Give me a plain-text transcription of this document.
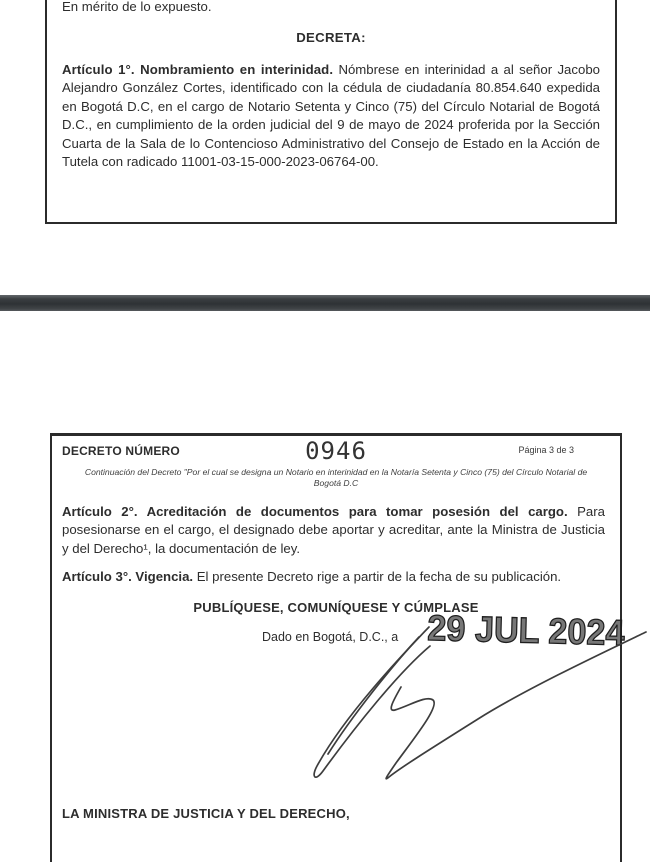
En mérito de lo expuesto.
DECRETA:
Artículo 1°. Nombramiento en interinidad. Nómbrese en interinidad a al señor Jacobo Alejandro González Cortes, identificado con la cédula de ciudadanía 80.854.640 expedida en Bogotá D.C, en el cargo de Notario Setenta y Cinco (75) del Círculo Notarial de Bogotá D.C., en cumplimiento de la orden judicial del 9 de mayo de 2024 proferida por la Sección Cuarta de la Sala de lo Contencioso Administrativo del Consejo de Estado en la Acción de Tutela con radicado 11001-03-15-000-2023-06764-00.
DECRETO NÚMERO	0946	Página 3 de 3
Continuación del Decreto "Por el cual se designa un Notario en interinidad en la Notaría Setenta y Cinco (75) del Círculo Notarial de Bogotá D.C
Artículo 2°. Acreditación de documentos para tomar posesión del cargo. Para posesionarse en el cargo, el designado debe aportar y acreditar, ante la Ministra de Justicia y del Derecho¹, la documentación de ley.
Artículo 3°. Vigencia. El presente Decreto rige a partir de la fecha de su publicación.
PUBLÍQUESE, COMUNÍQUESE Y CÚMPLASE
Dado en Bogotá, D.C., a 29 JUL 2024
LA MINISTRA DE JUSTICIA Y DEL DERECHO,
